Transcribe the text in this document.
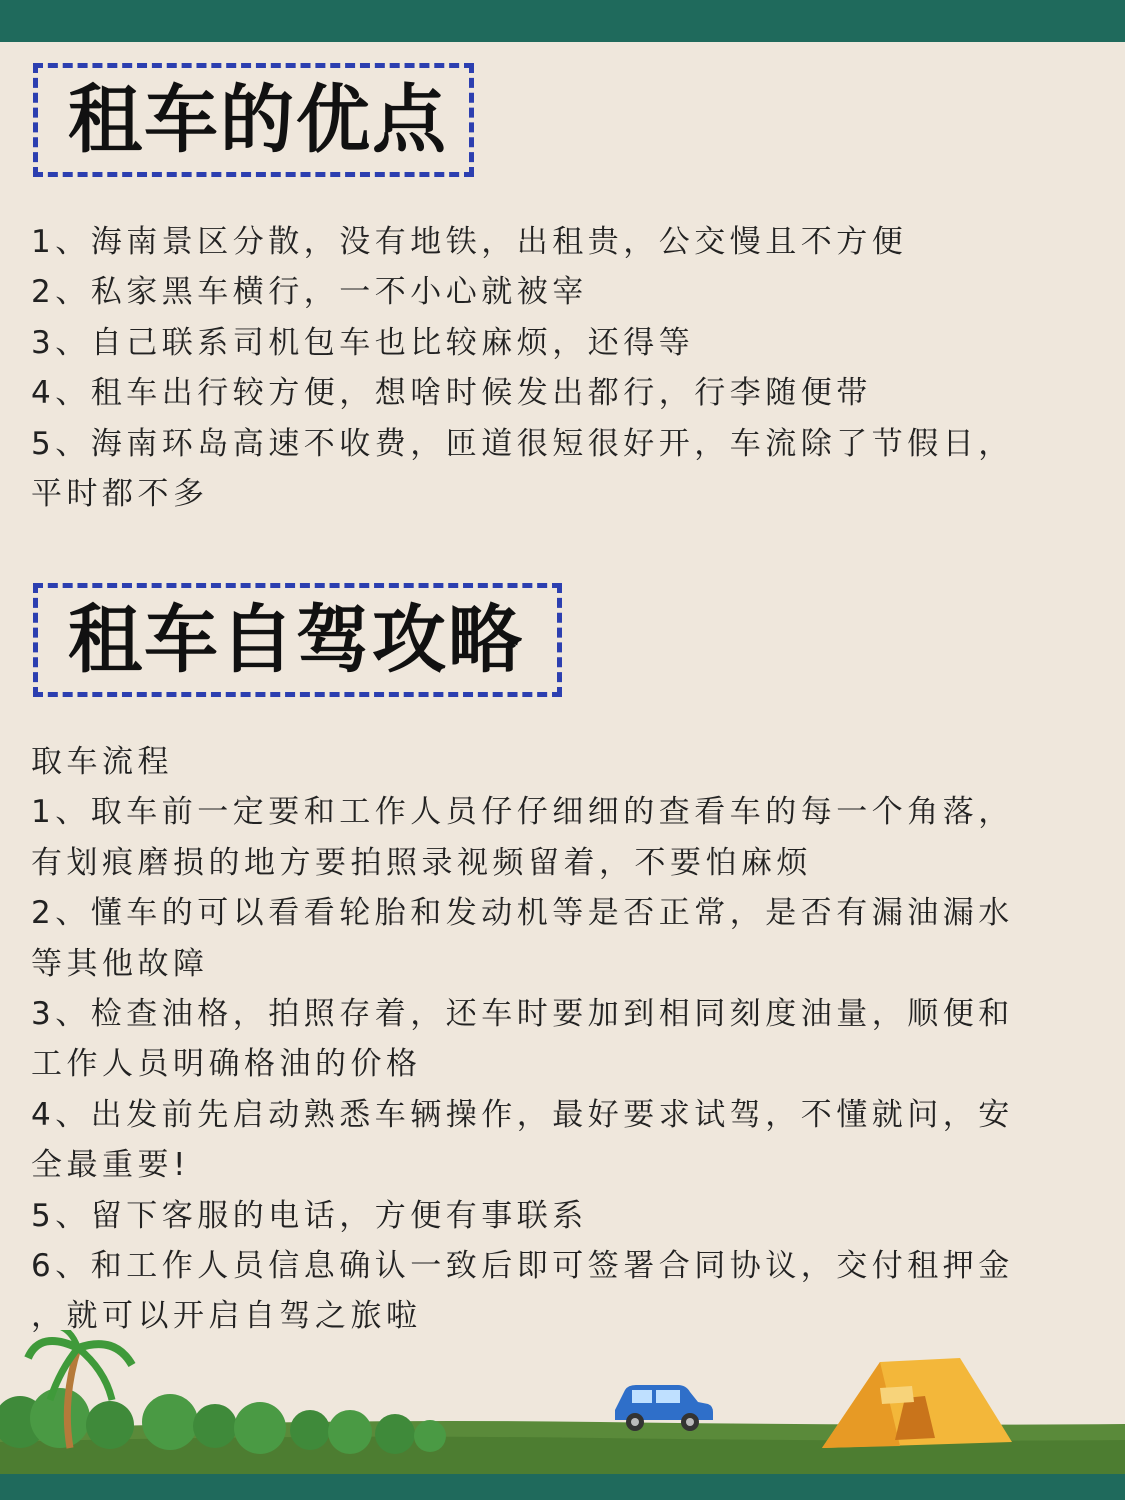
租车的优点
1、海南景区分散，没有地铁，出租贵，公交慢且不方便
2、私家黑车横行，一不小心就被宰
3、自己联系司机包车也比较麻烦，还得等
4、租车出行较方便，想啥时候发出都行，行李随便带
5、海南环岛高速不收费，匝道很短很好开，车流除了节假日，
平时都不多
租车自驾攻略
取车流程
1、取车前一定要和工作人员仔仔细细的查看车的每一个角落，
有划痕磨损的地方要拍照录视频留着，不要怕麻烦
2、懂车的可以看看轮胎和发动机等是否正常，是否有漏油漏水
等其他故障
3、检查油格，拍照存着，还车时要加到相同刻度油量，顺便和
工作人员明确格油的价格
4、出发前先启动熟悉车辆操作，最好要求试驾，不懂就问，安
全最重要!
5、留下客服的电话，方便有事联系
6、和工作人员信息确认一致后即可签署合同协议，交付租押金
，就可以开启自驾之旅啦
